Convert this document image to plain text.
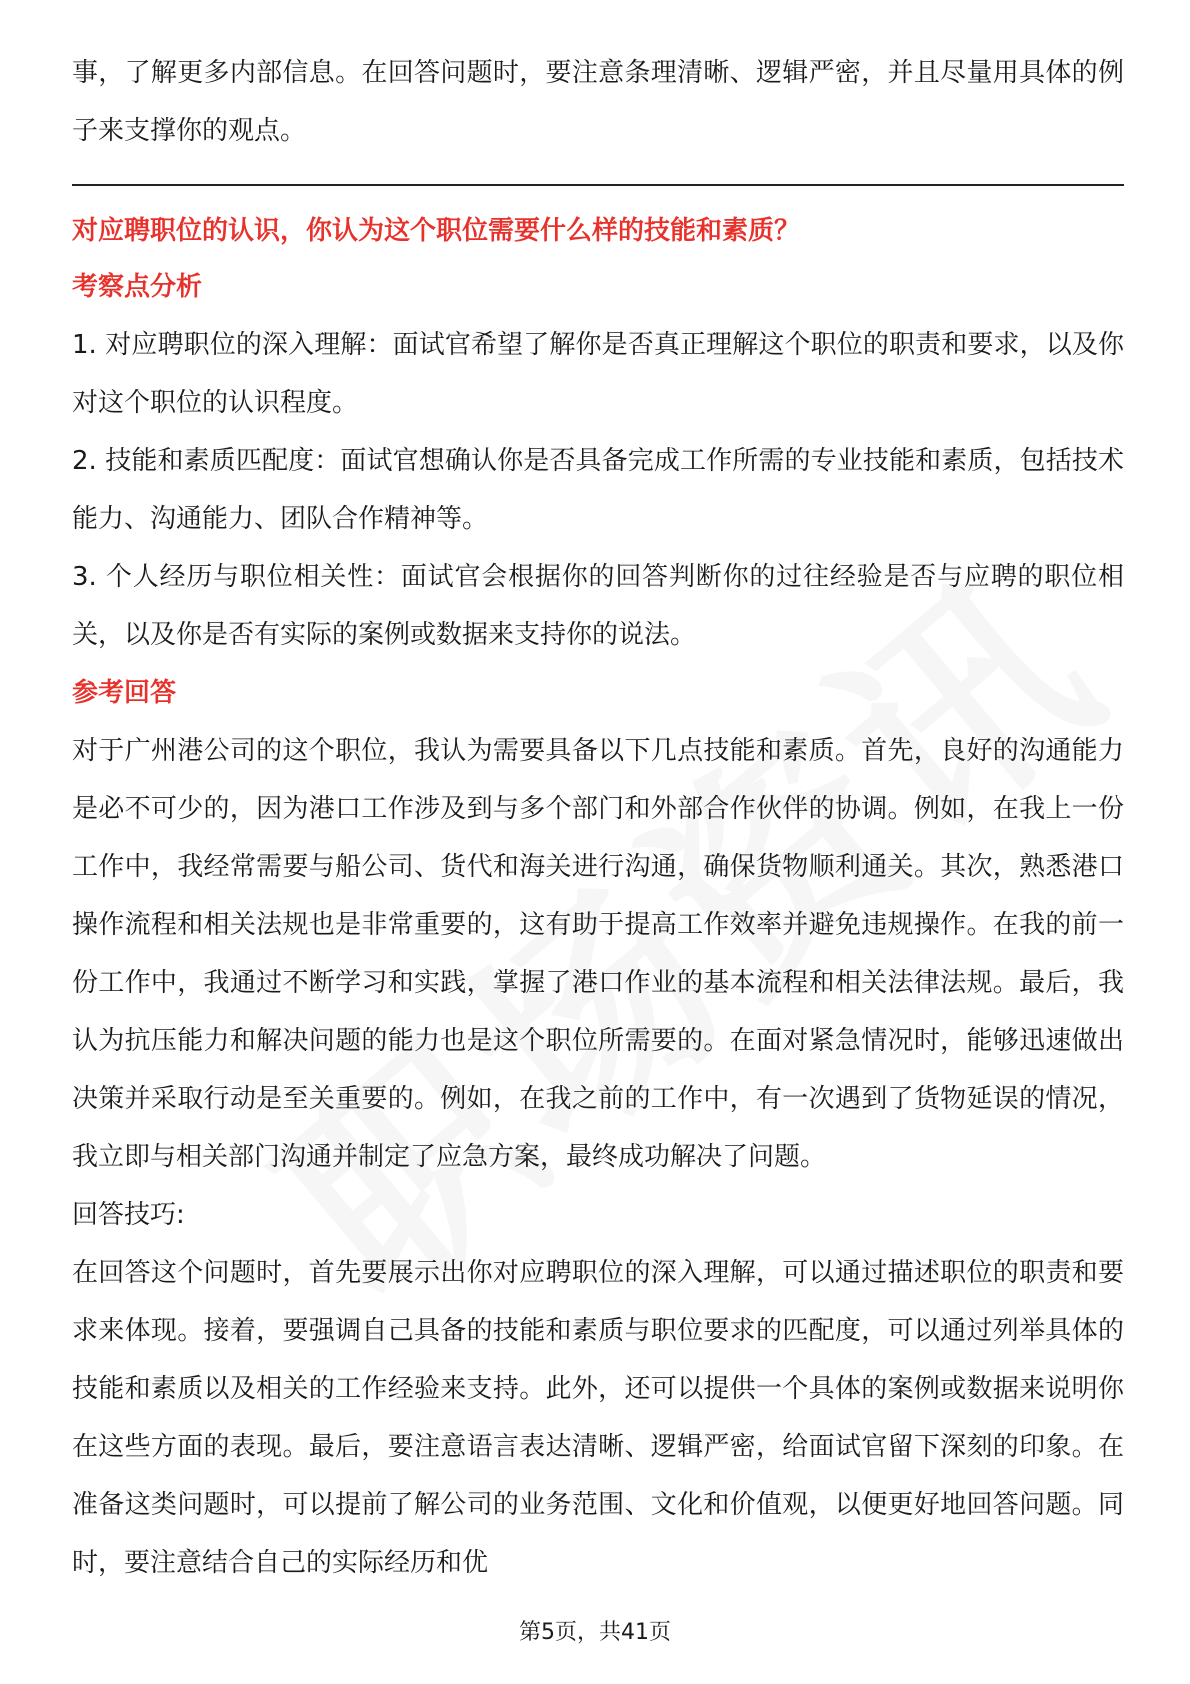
事，了解更多内部信息。在回答问题时，要注意条理清晰、逻辑严密，并且尽量用具体的例子来支撑你的观点。

对应聘职位的认识，你认为这个职位需要什么样的技能和素质？

考察点分析

1. 对应聘职位的深入理解：面试官希望了解你是否真正理解这个职位的职责和要求，以及你对这个职位的认识程度。

2. 技能和素质匹配度：面试官想确认你是否具备完成工作所需的专业技能和素质，包括技术能力、沟通能力、团队合作精神等。

3. 个人经历与职位相关性：面试官会根据你的回答判断你的过往经验是否与应聘的职位相关，以及你是否有实际的案例或数据来支持你的说法。

参考回答

对于广州港公司的这个职位，我认为需要具备以下几点技能和素质。首先，良好的沟通能力是必不可少的，因为港口工作涉及到与多个部门和外部合作伙伴的协调。例如，在我上一份工作中，我经常需要与船公司、货代和海关进行沟通，确保货物顺利通关。其次，熟悉港口操作流程和相关法规也是非常重要的，这有助于提高工作效率并避免违规操作。在我的前一份工作中，我通过不断学习和实践，掌握了港口作业的基本流程和相关法律法规。最后，我认为抗压能力和解决问题的能力也是这个职位所需要的。在面对紧急情况时，能够迅速做出决策并采取行动是至关重要的。例如，在我之前的工作中，有一次遇到了货物延误的情况，我立即与相关部门沟通并制定了应急方案，最终成功解决了问题。

回答技巧:

在回答这个问题时，首先要展示出你对应聘职位的深入理解，可以通过描述职位的职责和要求来体现。接着，要强调自己具备的技能和素质与职位要求的匹配度，可以通过列举具体的技能和素质以及相关的工作经验来支持。此外，还可以提供一个具体的案例或数据来说明你在这些方面的表现。最后，要注意语言表达清晰、逻辑严密，给面试官留下深刻的印象。在准备这类问题时，可以提前了解公司的业务范围、文化和价值观，以便更好地回答问题。同时，要注意结合自己的实际经历和优

第5页，共41页
